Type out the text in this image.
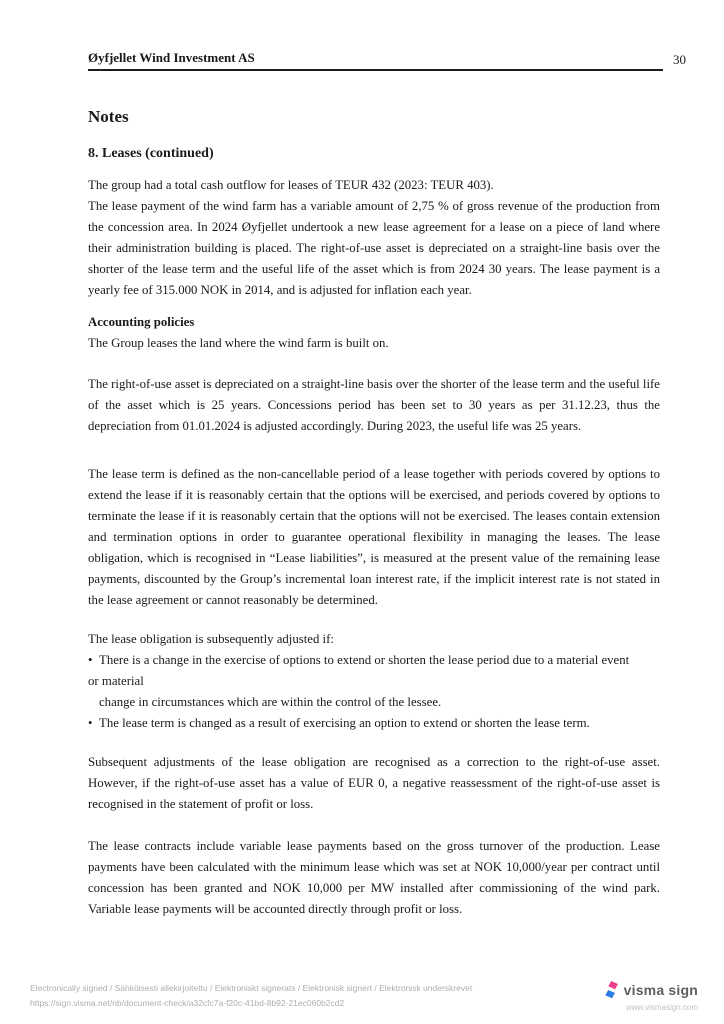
Øyfjellet Wind Investment AS	30
Notes
8. Leases (continued)
The group had a total cash outflow for leases of TEUR 432 (2023: TEUR 403).
The lease payment of the wind farm has a variable amount of 2,75 % of gross revenue of the production from the concession area. In 2024 Øyfjellet undertook a new lease agreement for a lease on a piece of land where their administration building is placed. The right-of-use asset is depreciated on a straight-line basis over the shorter of the lease term and the useful life of the asset which is from 2024 30 years. The lease payment is a yearly fee of 315.000 NOK in 2014, and is adjusted for inflation each year.
Accounting policies
The Group leases the land where the wind farm is built on.
The right-of-use asset is depreciated on a straight-line basis over the shorter of the lease term and the useful life of the asset which is 25 years. Concessions period has been set to 30 years as per 31.12.23, thus the depreciation from 01.01.2024 is adjusted accordingly. During 2023, the useful life was 25 years.
The lease term is defined as the non-cancellable period of a lease together with periods covered by options to extend the lease if it is reasonably certain that the options will be exercised, and periods covered by options to terminate the lease if it is reasonably certain that the options will not be exercised. The leases contain extension and termination options in order to guarantee operational flexibility in managing the leases. The lease obligation, which is recognised in “Lease liabilities”, is measured at the present value of the remaining lease payments, discounted by the Group’s incremental loan interest rate, if the implicit interest rate is not stated in the lease agreement or cannot reasonably be determined.
The lease obligation is subsequently adjusted if:
• There is a change in the exercise of options to extend or shorten the lease period due to a material event
or material
change in circumstances which are within the control of the lessee.
• The lease term is changed as a result of exercising an option to extend or shorten the lease term.
Subsequent adjustments of the lease obligation are recognised as a correction to the right-of-use asset. However, if the right-of-use asset has a value of EUR 0, a negative reassessment of the right-of-use asset is recognised in the statement of profit or loss.
The lease contracts include variable lease payments based on the gross turnover of the production. Lease payments have been calculated with the minimum lease which was set at NOK 10,000/year per contract until concession has been granted and NOK 10,000 per MW installed after commissioning of the wind park. Variable lease payments will be accounted directly through profit or loss.
Electronically signed / Sähköisesti allekirjoitettu / Elektroniskt signerats / Elektronisk signert / Elektronisk underskrevet
https://sign.visma.net/nb/document-check/a32cfc7a-f20c-41bd-8b92-21ec060b2cd2
visma sign
www.vismasign.com
